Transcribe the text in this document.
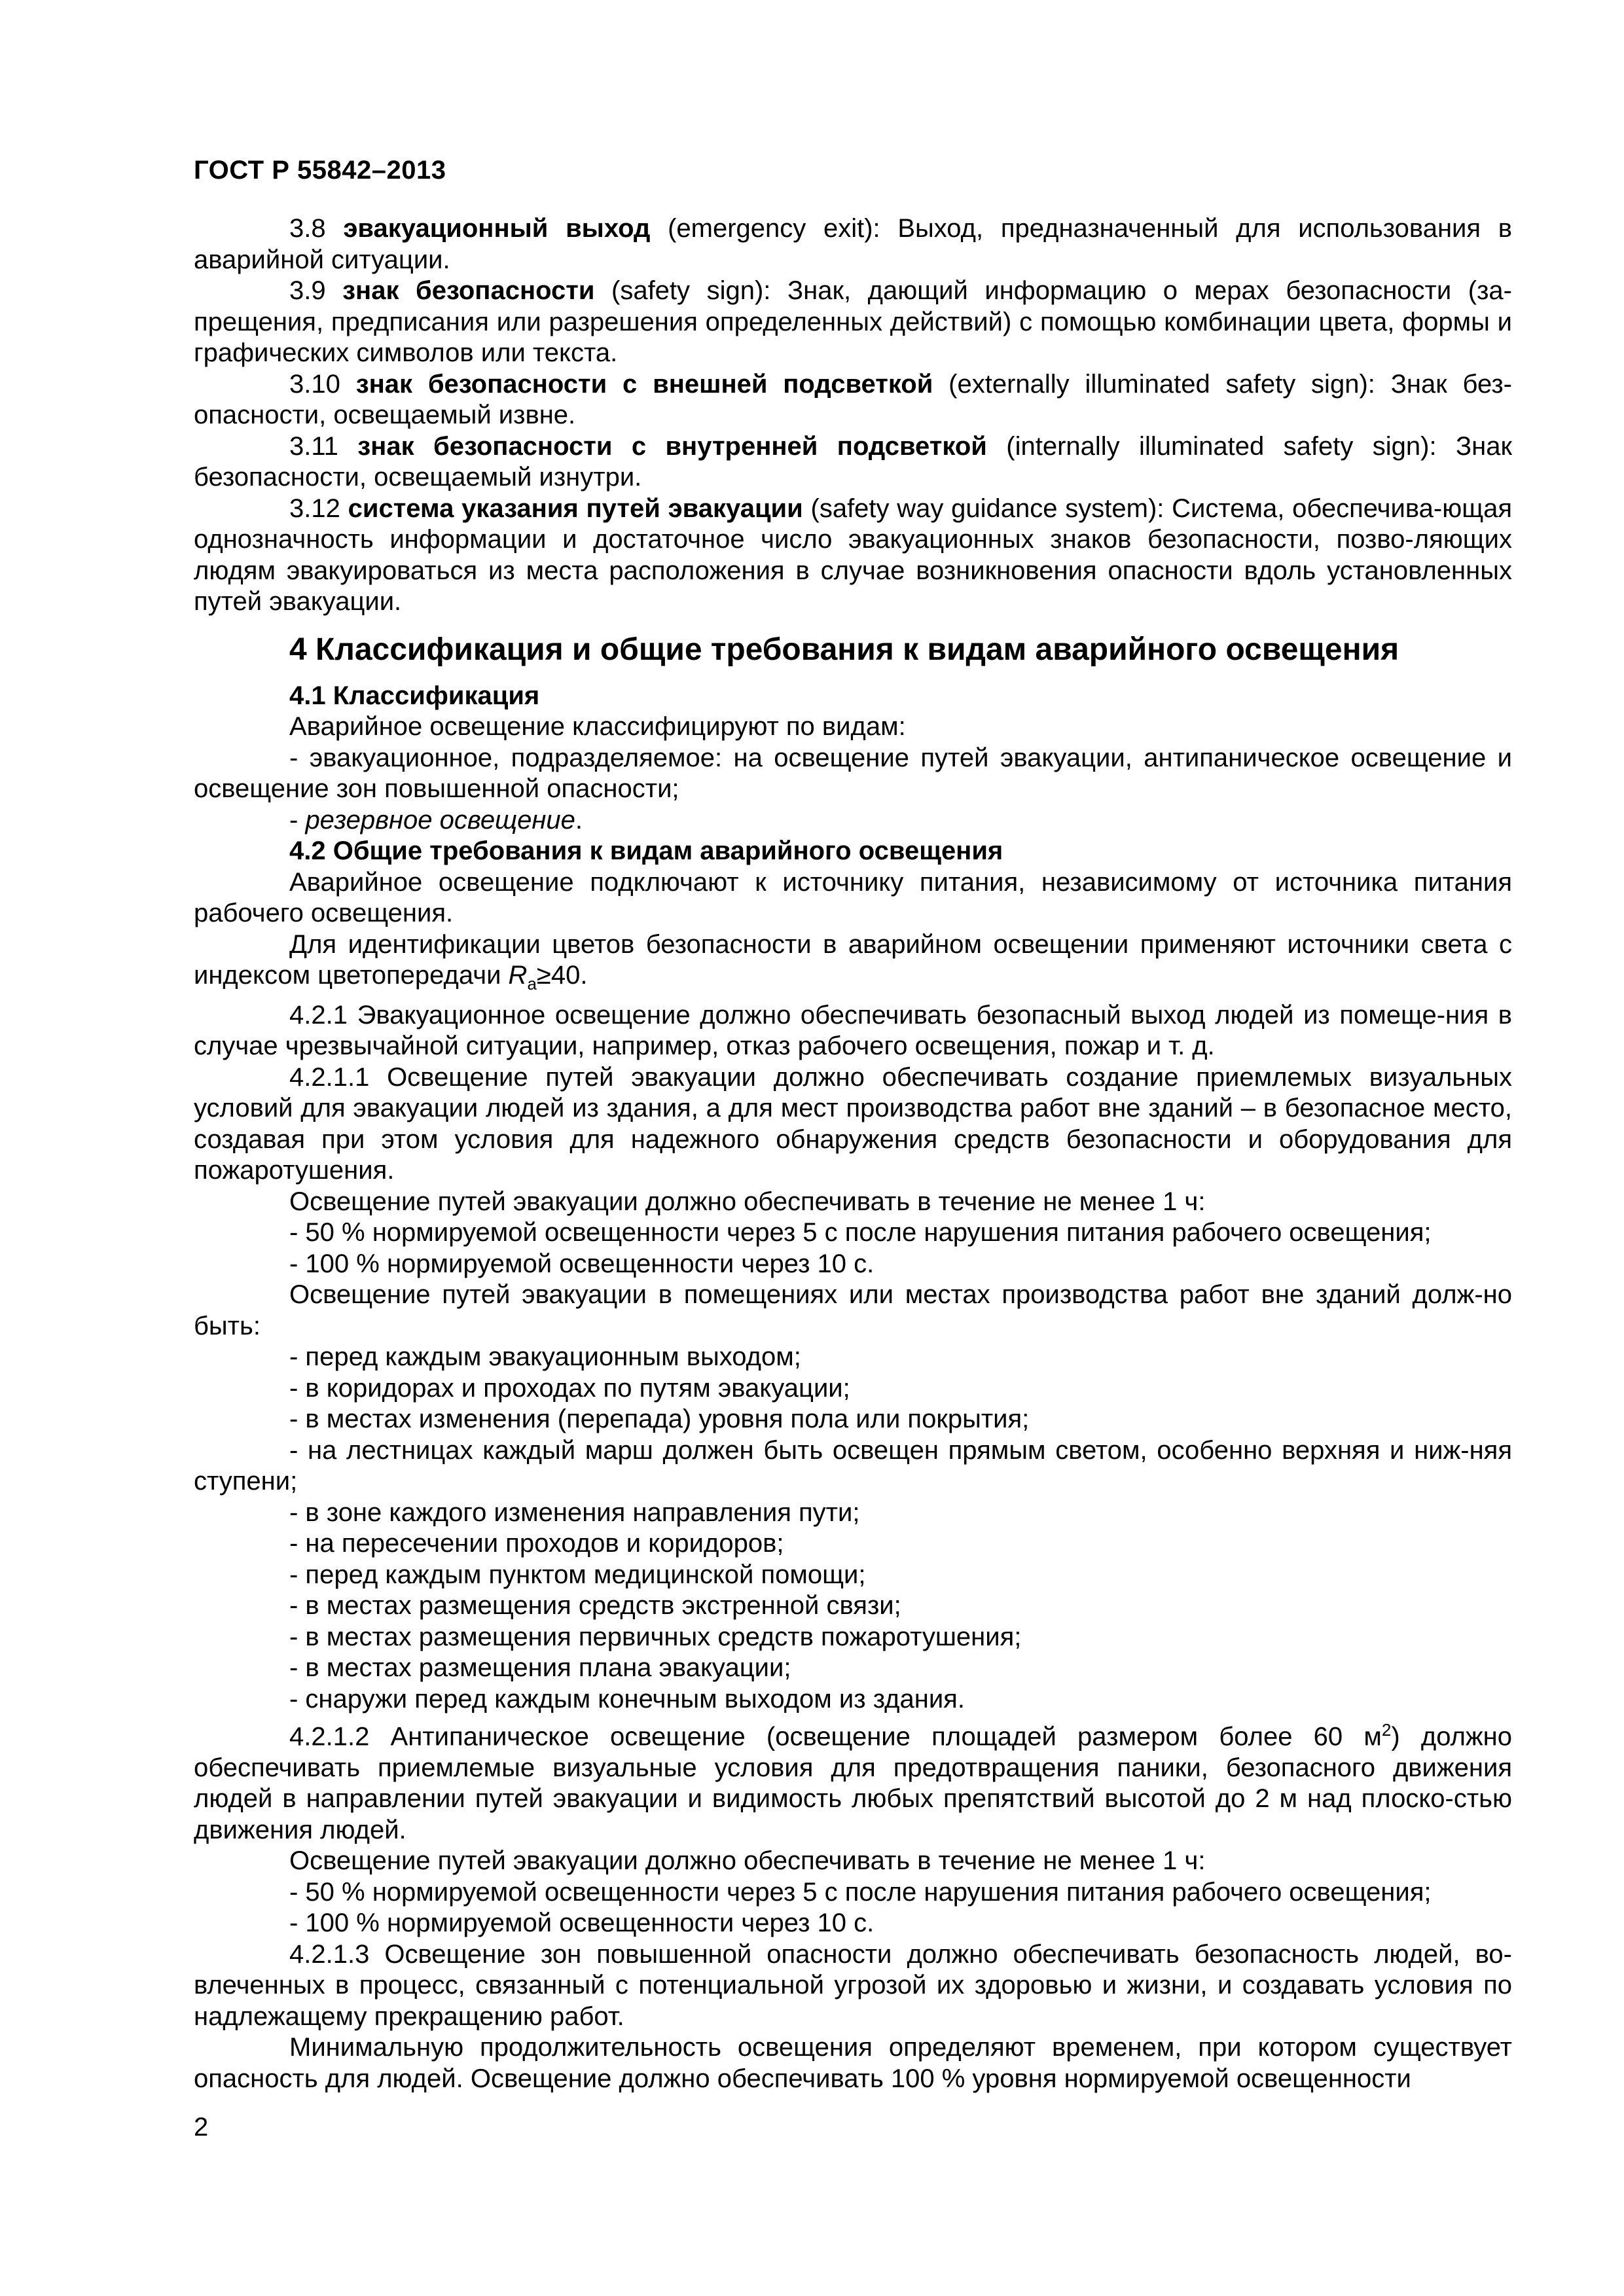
ГОСТ Р 55842–2013

3.8 эвакуационный выход (emergency exit): Выход, предназначенный для использования в аварийной ситуации.

3.9 знак безопасности (safety sign): Знак, дающий информацию о мерах безопасности (за-прещения, предписания или разрешения определенных действий) с помощью комбинации цвета, формы и графических символов или текста.

3.10 знак безопасности с внешней подсветкой (externally illuminated safety sign): Знак без-опасности, освещаемый извне.

3.11 знак безопасности с внутренней подсветкой (internally illuminated safety sign): Знак безопасности, освещаемый изнутри.

3.12 система указания путей эвакуации (safety way guidance system): Система, обеспечива-ющая однозначность информации и достаточное число эвакуационных знаков безопасности, позво-ляющих людям эвакуироваться из места расположения в случае возникновения опасности вдоль установленных путей эвакуации.

4 Классификация и общие требования к видам аварийного освещения
4.1 Классификация

Аварийное освещение классифицируют по видам:

- эвакуационное, подразделяемое: на освещение путей эвакуации, антипаническое освещение и освещение зон повышенной опасности;

- резервное освещение.

4.2 Общие требования к видам аварийного освещения

Аварийное освещение подключают к источнику питания, независимому от источника питания рабочего освещения.

Для идентификации цветов безопасности в аварийном освещении применяют источники света с индексом цветопередачи $R_a\ge 40$.

4.2.1 Эвакуационное освещение должно обеспечивать безопасный выход людей из помеще-ния в случае чрезвычайной ситуации, например, отказ рабочего освещения, пожар и т. д.

4.2.1.1 Освещение путей эвакуации должно обеспечивать создание приемлемых визуальных условий для эвакуации людей из здания, а для мест производства работ вне зданий – в безопасное место, создавая при этом условия для надежного обнаружения средств безопасности и оборудования для пожаротушения.

Освещение путей эвакуации должно обеспечивать в течение не менее 1 ч:

- 50 % нормируемой освещенности через 5 с после нарушения питания рабочего освещения;

- 100 % нормируемой освещенности через 10 с.

Освещение путей эвакуации в помещениях или местах производства работ вне зданий долж-но быть:

- перед каждым эвакуационным выходом;

- в коридорах и проходах по путям эвакуации;

- в местах изменения (перепада) уровня пола или покрытия;

- на лестницах каждый марш должен быть освещен прямым светом, особенно верхняя и ниж-няя ступени;

- в зоне каждого изменения направления пути;

- на пересечении проходов и коридоров;

- перед каждым пунктом медицинской помощи;

- в местах размещения средств экстренной связи;

- в местах размещения первичных средств пожаротушения;

- в местах размещения плана эвакуации;

- снаружи перед каждым конечным выходом из здания.

4.2.1.2 Антипаническое освещение (освещение площадей размером более 60 $м^2$) должно обеспечивать приемлемые визуальные условия для предотвращения паники, безопасного движения людей в направлении путей эвакуации и видимость любых препятствий высотой до 2 м над плоско-стью движения людей.

Освещение путей эвакуации должно обеспечивать в течение не менее 1 ч:

- 50 % нормируемой освещенности через 5 с после нарушения питания рабочего освещения;

- 100 % нормируемой освещенности через 10 с.

4.2.1.3 Освещение зон повышенной опасности должно обеспечивать безопасность людей, во-влеченных в процесс, связанный с потенциальной угрозой их здоровью и жизни, и создавать условия по надлежащему прекращению работ.

Минимальную продолжительность освещения определяют временем, при котором существует опасность для людей. Освещение должно обеспечивать 100 % уровня нормируемой освещенности

2
